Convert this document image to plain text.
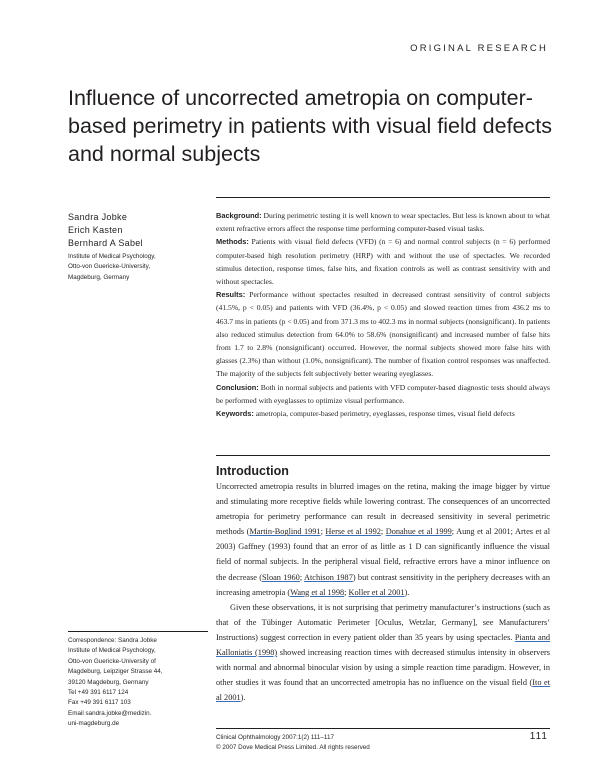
ORIGINAL RESEARCH
Influence of uncorrected ametropia on computer-based perimetry in patients with visual field defects and normal subjects
Sandra Jobke
Erich Kasten
Bernhard A Sabel
Institute of Medical Psychology,
Otto-von Guericke-University,
Magdeburg, Germany

Background: During perimetric testing it is well known to wear spectacles. But less is known about to what extent refractive errors affect the response time performing computer-based visual tasks.

Methods: Patients with visual field defects (VFD) (n = 6) and normal control subjects (n = 6) performed computer-based high resolution perimetry (HRP) with and without the use of spectacles. We recorded stimulus detection, response times, false hits, and fixation controls as well as contrast sensitivity with and without spectacles.

Results: Performance without spectacles resulted in decreased contrast sensitivity of control subjects (41.5%, p < 0.05) and patients with VFD (36.4%, p < 0.05) and slowed reaction times from 436.2 ms to 463.7 ms in patients (p < 0.05) and from 371.3 ms to 402.3 ms in normal subjects (nonsignificant). In patients also reduced stimulus detection from 64.0% to 58.6% (nonsignificant) and increased number of false hits from 1.7 to 2.8% (nonsignificant) occurred. However, the normal subjects showed more false hits with glasses (2.3%) than without (1.0%, nonsignificant). The number of fixation control responses was unaffected. The majority of the subjects felt subjectively better wearing eyeglasses.

Conclusion: Both in normal subjects and patients with VFD computer-based diagnostic tests should always be performed with eyeglasses to optimize visual performance.

Keywords: ametropia, computer-based perimetry, eyeglasses, response times, visual field defects

Introduction

Uncorrected ametropia results in blurred images on the retina, making the image bigger by virtue and stimulating more receptive fields while lowering contrast. The consequences of an uncorrected ametropia for perimetry performance can result in decreased sensitivity in several perimetric methods (Martin-Boglind 1991; Herse et al 1992; Donahue et al 1999; Aung et al 2001; Artes et al 2003) Gaffney (1993) found that an error of as little as 1 D can significantly influence the visual field of normal subjects. In the peripheral visual field, refractive errors have a minor influence on the decrease (Sloan 1960; Atchison 1987) but contrast sensitivity in the periphery decreases with an increasing ametropia (Wang et al 1998; Koller et al 2001).

Given these observations, it is not surprising that perimetry manufacturer’s instructions (such as that of the Tübinger Automatic Perimeter [Oculus, Wetzlar, Germany], see Manufacturers’ Instructions) suggest correction in every patient older than 35 years by using spectacles. Pianta and Kalloniatis (1998) showed increasing reaction times with decreased stimulus intensity in observers with normal and abnormal binocular vision by using a simple reaction time paradigm. However, in other studies it was found that an uncorrected ametropia has no influence on the visual field (Ito et al 2001).

Correspondence: Sandra Jobke
Institute of Medical Psychology,
Otto-von Guericke-University of
Magdeburg, Leipziger Strasse 44,
39120 Magdeburg, Germany
Tel +49 391 6117 124
Fax +49 391 6117 103
Email sandra.jobke@medizin.
uni-magdeburg.de
Clinical Ophthalmology 2007:1(2) 111–117
© 2007 Dove Medical Press Limited. All rights reserved
111
